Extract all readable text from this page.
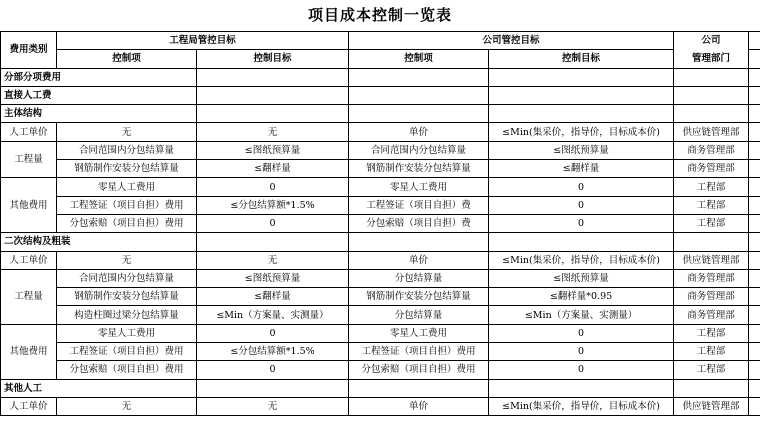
项目成本控制一览表
费用类别	工程局管控目标		公司管控目标		公司	
	控制项	控制目标	控制项	控制目标	管理部门	
分部分项费用						
直接人工费						
主体结构						
人工单价	无	无	单价	≤Min(集采价，指导价，目标成本价)	供应链管理部	
工程量	合同范围内分包结算量	≤图纸预算量	合同范围内分包结算量	≤图纸预算量	商务管理部	
	钢筋制作安装分包结算量	≤翻样量	钢筋制作安装分包结算量	≤翻样量	商务管理部	
其他费用	零星人工费用	0	零星人工费用	0	工程部	
	工程签证（项目自担）费用	≤分包结算额*1.5%	工程签证（项目自担）费	0	工程部	
	分包索赔（项目自担）费用	0	分包索赔（项目自担）费	0	工程部	
二次结构及粗装						
人工单价	无	无	单价	≤Min(集采价，指导价，目标成本价)	供应链管理部	
工程量	合同范围内分包结算量	≤图纸预算量	分包结算量	≤图纸预算量	商务管理部	
	钢筋制作安装分包结算量	≤翻样量	钢筋制作安装分包结算量	≤翻样量*0.95	商务管理部	
	构造柱圈过梁分包结算量	≤Min（方案量、实测量）	分包结算量	≤Min（方案量、实测量）	商务管理部	
其他费用	零星人工费用	0	零星人工费用	0	工程部	
	工程签证（项目自担）费用	≤分包结算额*1.5%	工程签证（项目自担）费用	0	工程部	
	分包索赔（项目自担）费用	0	分包索赔（项目自担）费用	0	工程部	
其他人工						
人工单价	无	无	单价	≤Min(集采价，指导价，目标成本价)	供应链管理部	
